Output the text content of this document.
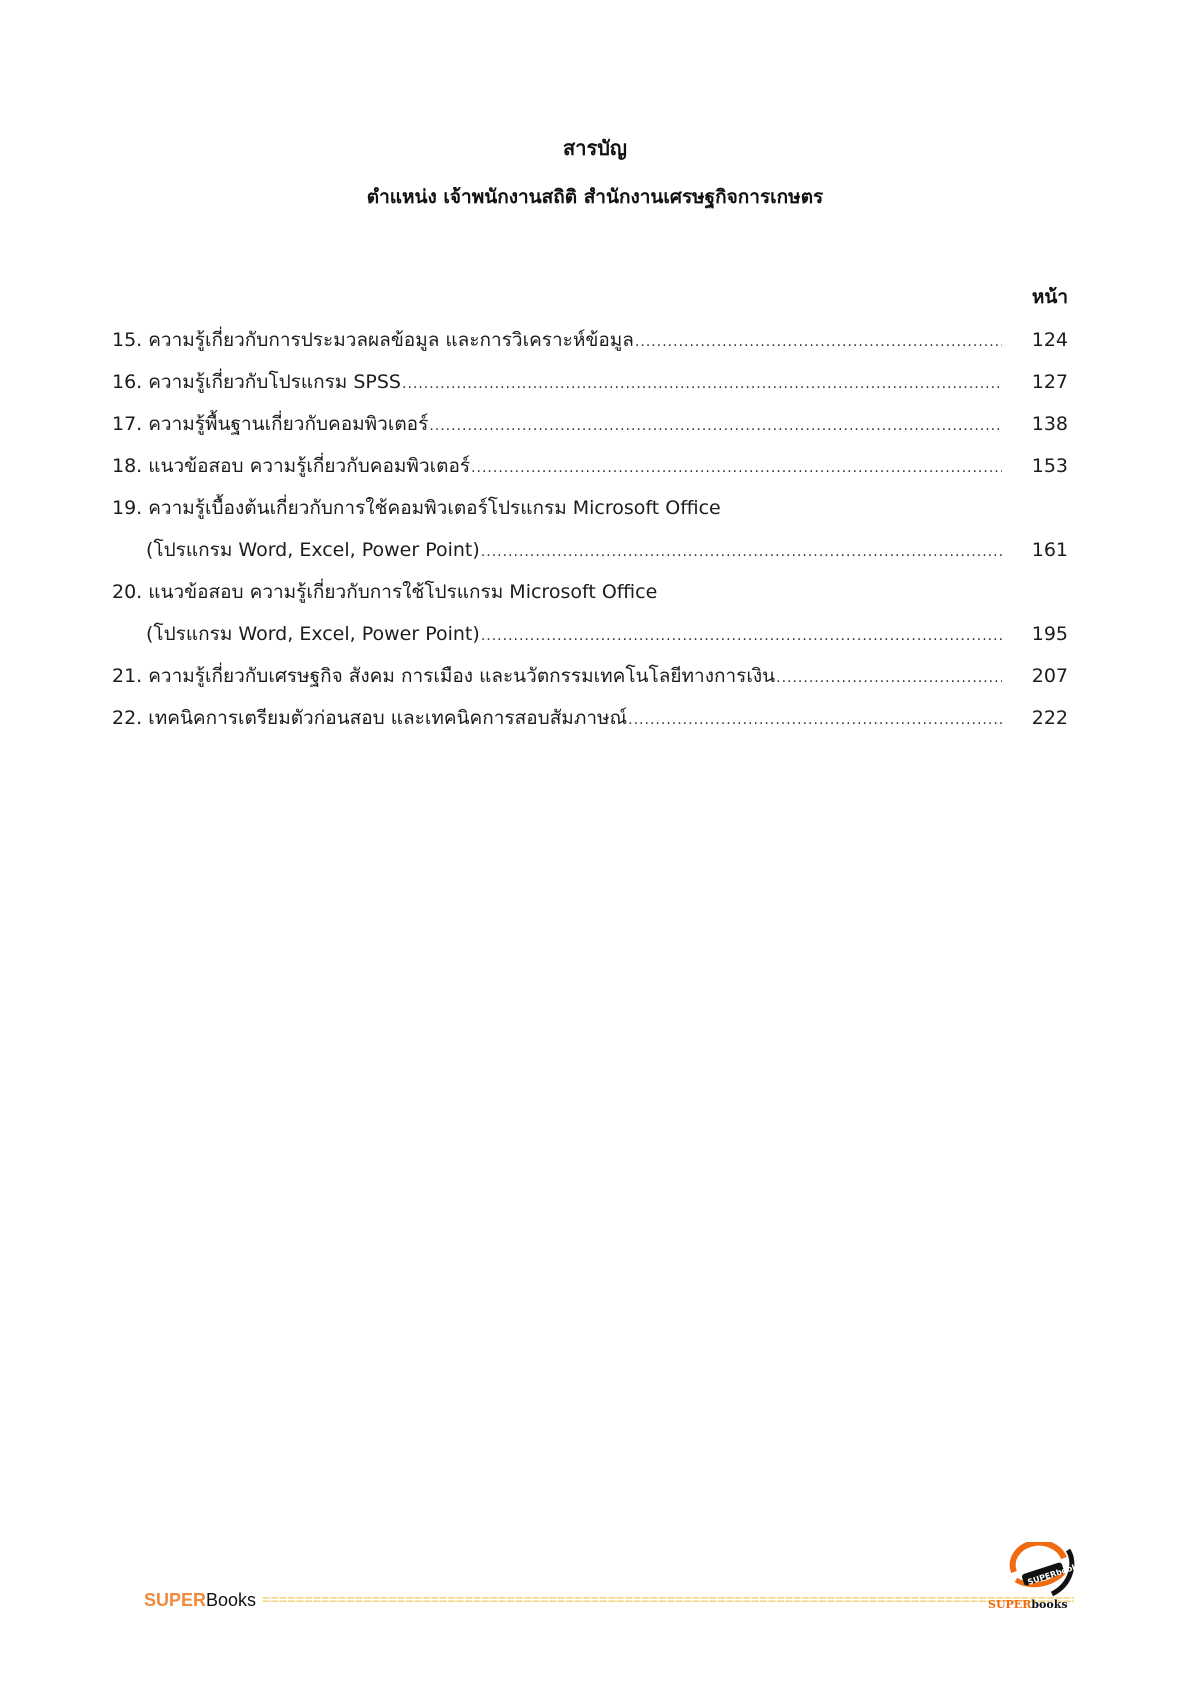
สารบัญ
ตำแหน่ง เจ้าพนักงานสถิติ สำนักงานเศรษฐกิจการเกษตร
หน้า
15. ความรู้เกี่ยวกับการประมวลผลข้อมูล และการวิเคราะห์ข้อมูล .....	124
16. ความรู้เกี่ยวกับโปรแกรม SPSS .....	127
17. ความรู้พื้นฐานเกี่ยวกับคอมพิวเตอร์ .....	138
18. แนวข้อสอบ ความรู้เกี่ยวกับคอมพิวเตอร์ .....	153
19. ความรู้เบื้องต้นเกี่ยวกับการใช้คอมพิวเตอร์โปรแกรม Microsoft Office
(โปรแกรม Word, Excel, Power Point) .....	161
20. แนวข้อสอบ ความรู้เกี่ยวกับการใช้โปรแกรม Microsoft Office
(โปรแกรม Word, Excel, Power Point) .....	195
21. ความรู้เกี่ยวกับเศรษฐกิจ สังคม การเมือง และนวัตกรรมเทคโนโลยีทางการเงิน .....	207
22. เทคนิคการเตรียมตัวก่อนสอบ และเทคนิคการสอบสัมภาษณ์ .....	222
SUPER Books
=====
SUPERbooks
SUPERbooks
